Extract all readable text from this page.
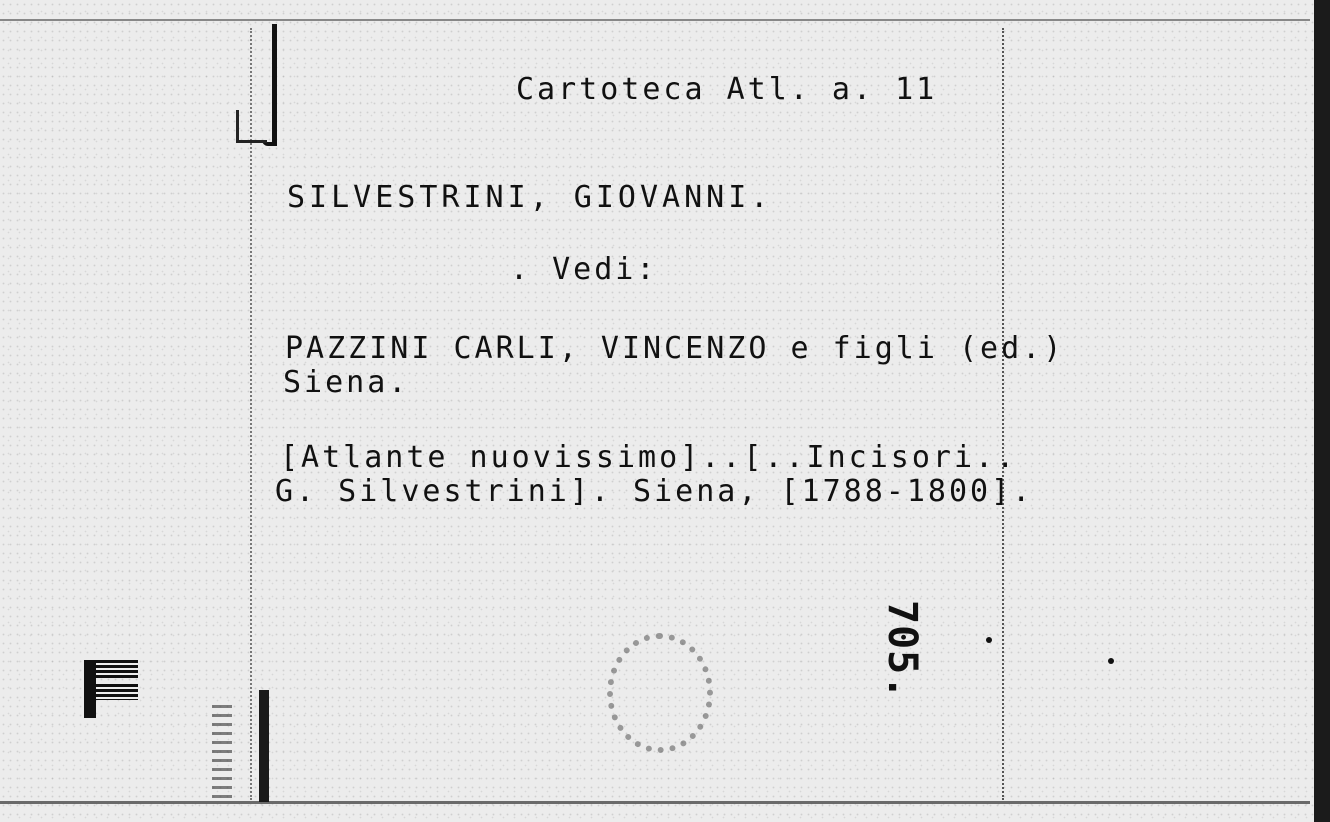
Cartoteca Atl. a. 11
SILVESTRINI, GIOVANNI.
. Vedi:
PAZZINI CARLI, VINCENZO e figli (ed.)
Siena.
[Atlante nuovissimo]..[..Incisori..
G. Silvestrini]. Siena, [1788-1800].
705.
